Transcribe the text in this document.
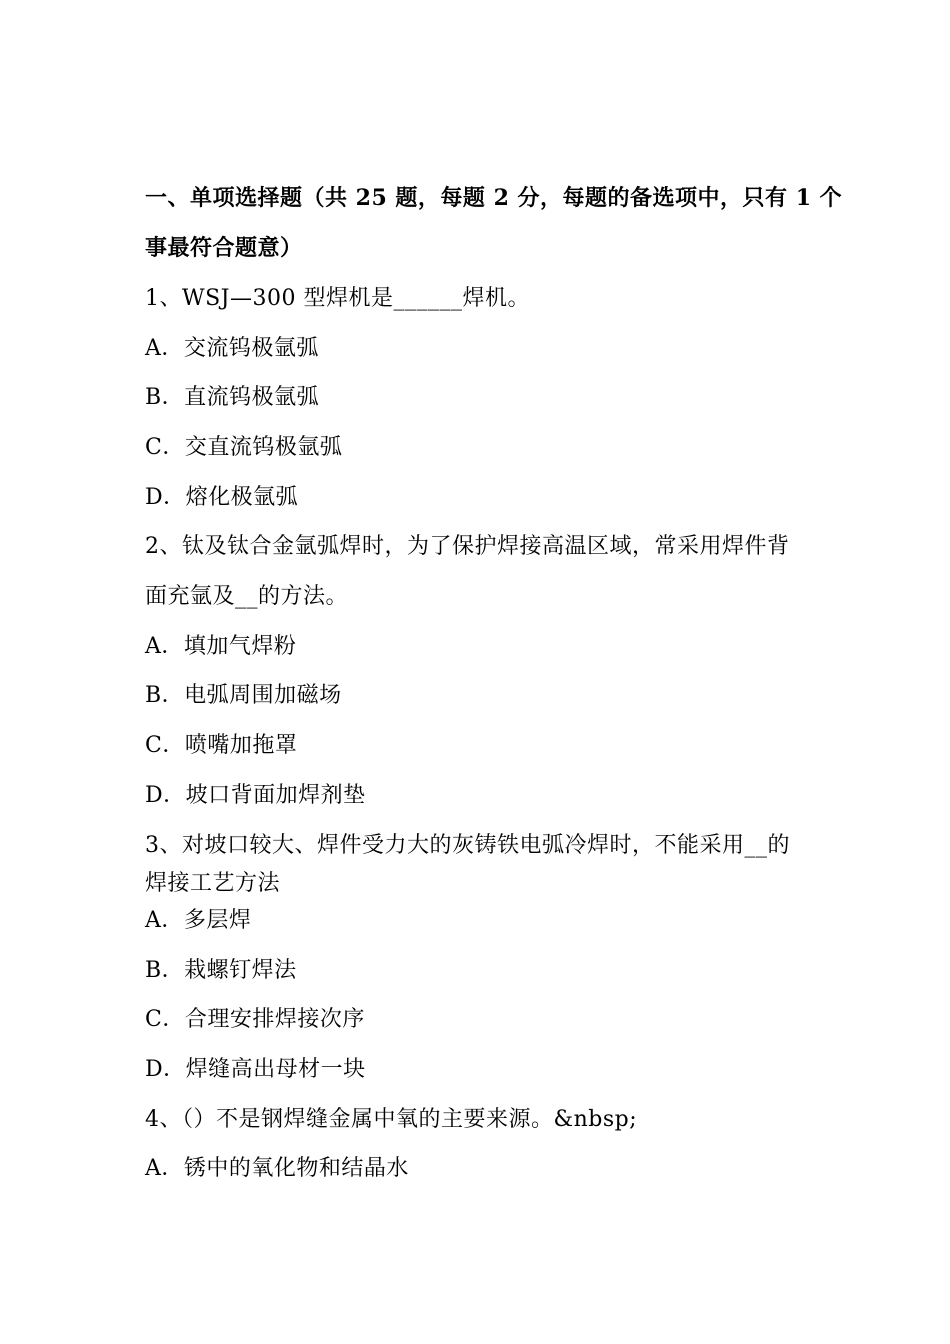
一、单项选择题（共 25 题，每题 2 分，每题的备选项中，只有 1 个
事最符合题意）
1、WSJ—300 型焊机是______焊机。
A．交流钨极氩弧
B．直流钨极氩弧
C．交直流钨极氩弧
D．熔化极氩弧
2、钛及钛合金氩弧焊时，为了保护焊接高温区域，常采用焊件背
面充氩及__的方法。
A．填加气焊粉
B．电弧周围加磁场
C．喷嘴加拖罩
D．坡口背面加焊剂垫
3、对坡口较大、焊件受力大的灰铸铁电弧冷焊时，不能采用__的
焊接工艺方法
A．多层焊
B．栽螺钉焊法
C．合理安排焊接次序
D．焊缝高出母材一块
4、（）不是钢焊缝金属中氧的主要来源。&nbsp;
A．锈中的氧化物和结晶水
